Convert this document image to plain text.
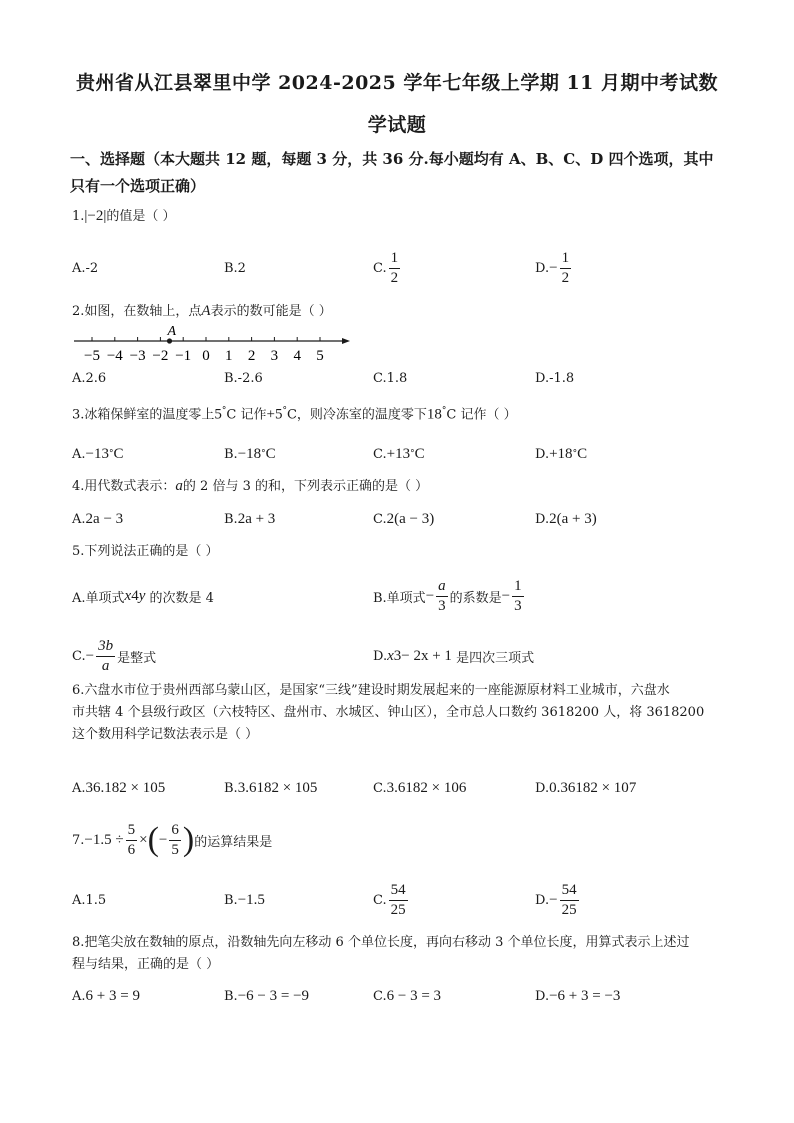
贵州省从江县翠里中学 2024-2025 学年七年级上学期 11 月期中考试数
学试题
一、选择题（本大题共 12 题，每题 3 分，共 36 分.每小题均有 A、B、C、D 四个选项，其中
只有一个选项正确）
1.|−2|的值是（ ）
A.-2	B.2	C. $\frac{1}{2}$	D. − $\frac{1}{2}$
2.如图，在数轴上，点A表示的数可能是（ ）
−5 −4 −3 −2 −1 0 1 2 3 4 5
A
A.2.6	B.-2.6	C.1.8	D.-1.8
3.冰箱保鲜室的温度零上5°C 记作+5°C，则冷冻室的温度零下18°C 记作（ ）
A. −13 ° C	B. −18 ° C	C. +13 ° C	D. +18 ° C
4.用代数式表示：a的 2 倍与 3 的和，下列表示正确的是（ ）
A. 2a − 3	B. 2a + 3	C. 2(a − 3)	D. 2(a + 3)
5.下列说法正确的是（ ）
A.单项式 x 4 y
的次数是 4	B.单项式 − $\frac{a}{3}$ 的系数是 − $\frac{1}{3}$
C. − $\frac{3b}{a}$ 是整式	D. x 3 − 2x + 1
是四次三项式
6.六盘水市位于贵州西部乌蒙山区，是国家“三线”建设时期发展起来的一座能源原材料工业城市，六盘水
市共辖 4 个县级行政区（六枝特区、盘州市、水城区、钟山区），全市总人口数约 3618200 人，将 3618200
这个数用科学记数法表示是（ ）
A. 36.182 × 10 5	B. 3.6182 × 10 5	C. 3.6182 × 10 6	D. 0.36182 × 10 7
7. $-1.5 \div \frac{5}{6}$ × ( − $\frac{6}{5}$ ) 的运算结果是
A.1.5	B. −1.5	C. $\frac{54}{25}$	D. − $\frac{54}{25}$
8.把笔尖放在数轴的原点，沿数轴先向左移动 6 个单位长度，再向右移动 3 个单位长度，用算式表示上述过
程与结果，正确的是（ ）
A. 6 + 3 = 9	B. −6 − 3 = −9	C. 6 − 3 = 3	D. −6 + 3 = −3
